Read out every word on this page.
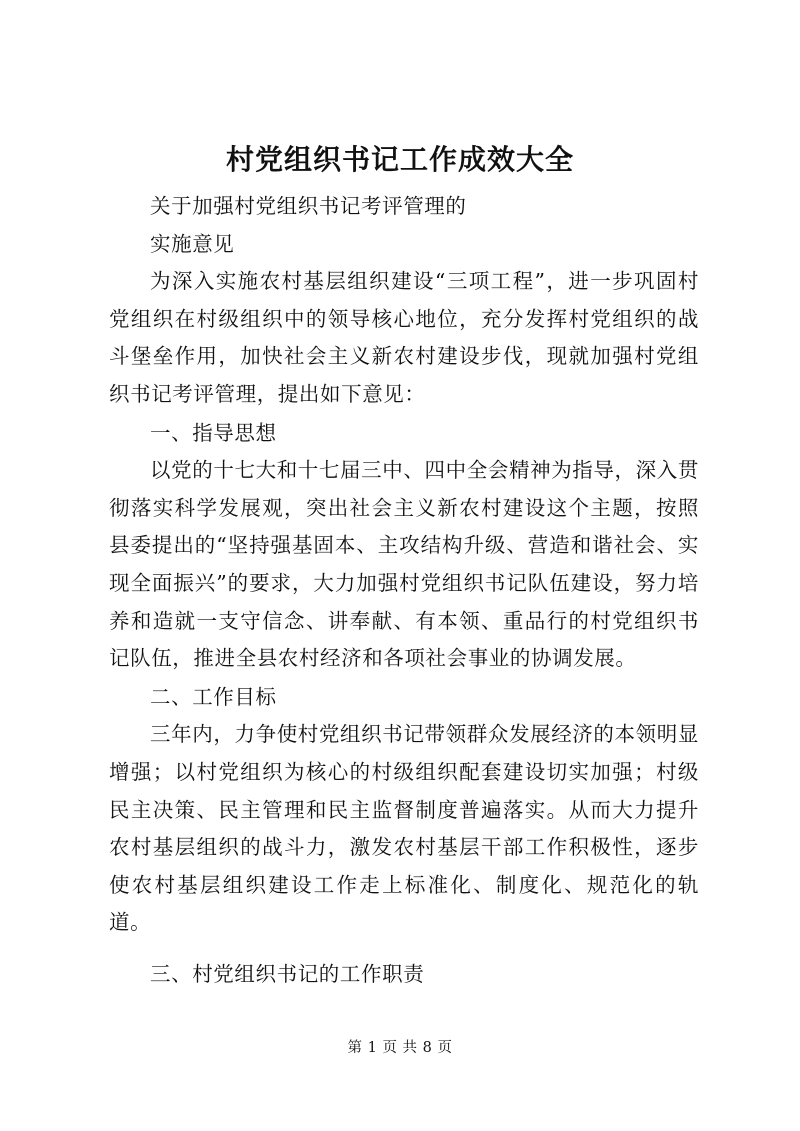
村党组织书记工作成效大全

关于加强村党组织书记考评管理的

实施意见

为深入实施农村基层组织建设“三项工程”，进一步巩固村党组织在村级组织中的领导核心地位，充分发挥村党组织的战斗堡垒作用，加快社会主义新农村建设步伐，现就加强村党组织书记考评管理，提出如下意见：

一、指导思想

以党的十七大和十七届三中、四中全会精神为指导，深入贯彻落实科学发展观，突出社会主义新农村建设这个主题，按照县委提出的“坚持强基固本、主攻结构升级、营造和谐社会、实现全面振兴”的要求，大力加强村党组织书记队伍建设，努力培养和造就一支守信念、讲奉献、有本领、重品行的村党组织书记队伍，推进全县农村经济和各项社会事业的协调发展。

二、工作目标

三年内，力争使村党组织书记带领群众发展经济的本领明显增强；以村党组织为核心的村级组织配套建设切实加强；村级民主决策、民主管理和民主监督制度普遍落实。从而大力提升农村基层组织的战斗力，激发农村基层干部工作积极性，逐步使农村基层组织建设工作走上标准化、制度化、规范化的轨道。

三、村党组织书记的工作职责

第 1 页 共 8 页
